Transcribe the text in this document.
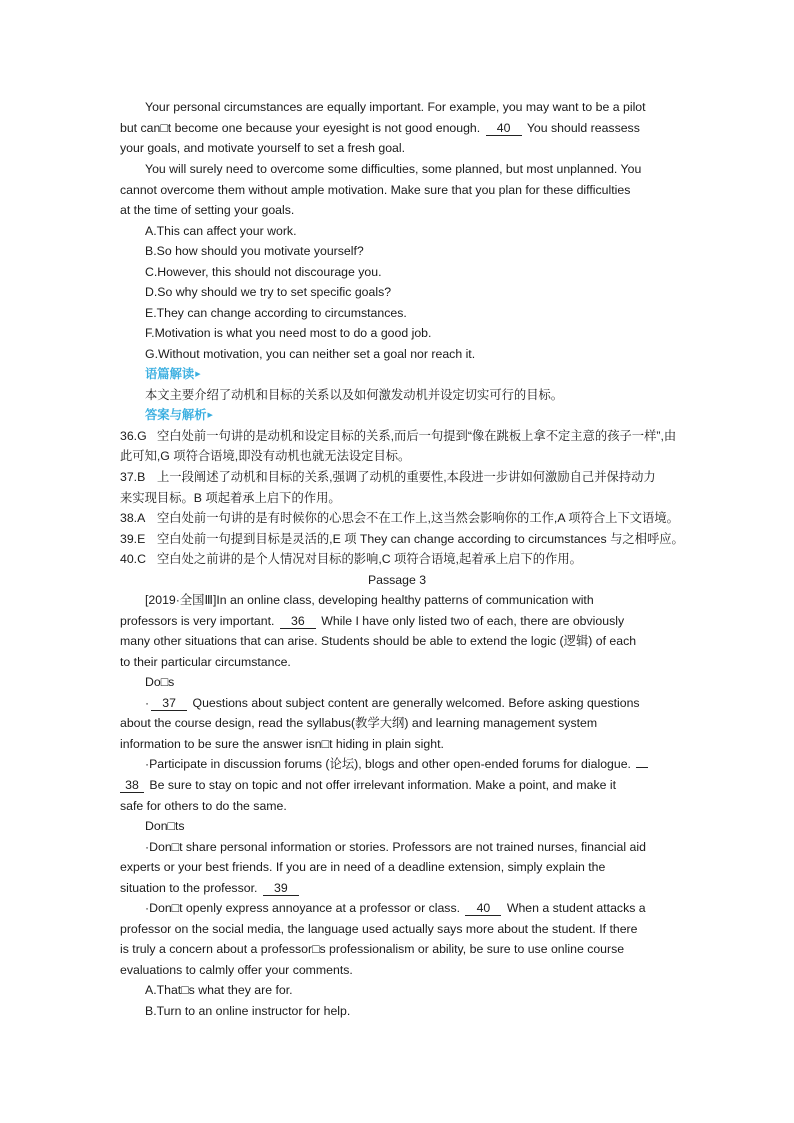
Your personal circumstances are equally important. For example, you may want to be a pilot
but can□t become one because your eyesight is not good enough. 40 You should reassess
your goals, and motivate yourself to set a fresh goal.
You will surely need to overcome some difficulties, some planned, but most unplanned. You
cannot overcome them without ample motivation. Make sure that you plan for these difficulties
at the time of setting your goals.
A.This can affect your work.
B.So how should you motivate yourself?
C.However, this should not discourage you.
D.So why should we try to set specific goals?
E.They can change according to circumstances.
F.Motivation is what you need most to do a good job.
G.Without motivation, you can neither set a goal nor reach it.
语篇解读▶
本文主要介绍了动机和目标的关系以及如何激发动机并设定切实可行的目标。
答案与解析▶
36.G 空白处前一句讲的是动机和设定目标的关系,而后一句提到“像在跳板上拿不定主意的孩子一样”,由
此可知,G 项符合语境,即没有动机也就无法设定目标。
37.B 上一段阐述了动机和目标的关系,强调了动机的重要性,本段进一步讲如何激励自己并保持动力
来实现目标。B 项起着承上启下的作用。
38.A 空白处前一句讲的是有时候你的心思会不在工作上,这当然会影响你的工作,A 项符合上下文语境。
39.E 空白处前一句提到目标是灵活的,E 项 They can change according to circumstances 与之相呼应。
40.C 空白处之前讲的是个人情况对目标的影响,C 项符合语境,起着承上启下的作用。
Passage 3
[2019·全国Ⅲ]In an online class, developing healthy patterns of communication with
professors is very important. 36 While I have only listed two of each, there are obviously
many other situations that can arise. Students should be able to extend the logic (逻辑) of each
to their particular circumstance.
Do□s
· 37 Questions about subject content are generally welcomed. Before asking questions
about the course design, read the syllabus(教学大纲) and learning management system
information to be sure the answer isn□t hiding in plain sight.
·Participate in discussion forums (论坛), blogs and other open-ended forums for dialogue.
38 Be sure to stay on topic and not offer irrelevant information. Make a point, and make it
safe for others to do the same.
Don□ts
·Don□t share personal information or stories. Professors are not trained nurses, financial aid
experts or your best friends. If you are in need of a deadline extension, simply explain the
situation to the professor. 39
·Don□t openly express annoyance at a professor or class. 40 When a student attacks a
professor on the social media, the language used actually says more about the student. If there
is truly a concern about a professor□s professionalism or ability, be sure to use online course
evaluations to calmly offer your comments.
A.That□s what they are for.
B.Turn to an online instructor for help.
